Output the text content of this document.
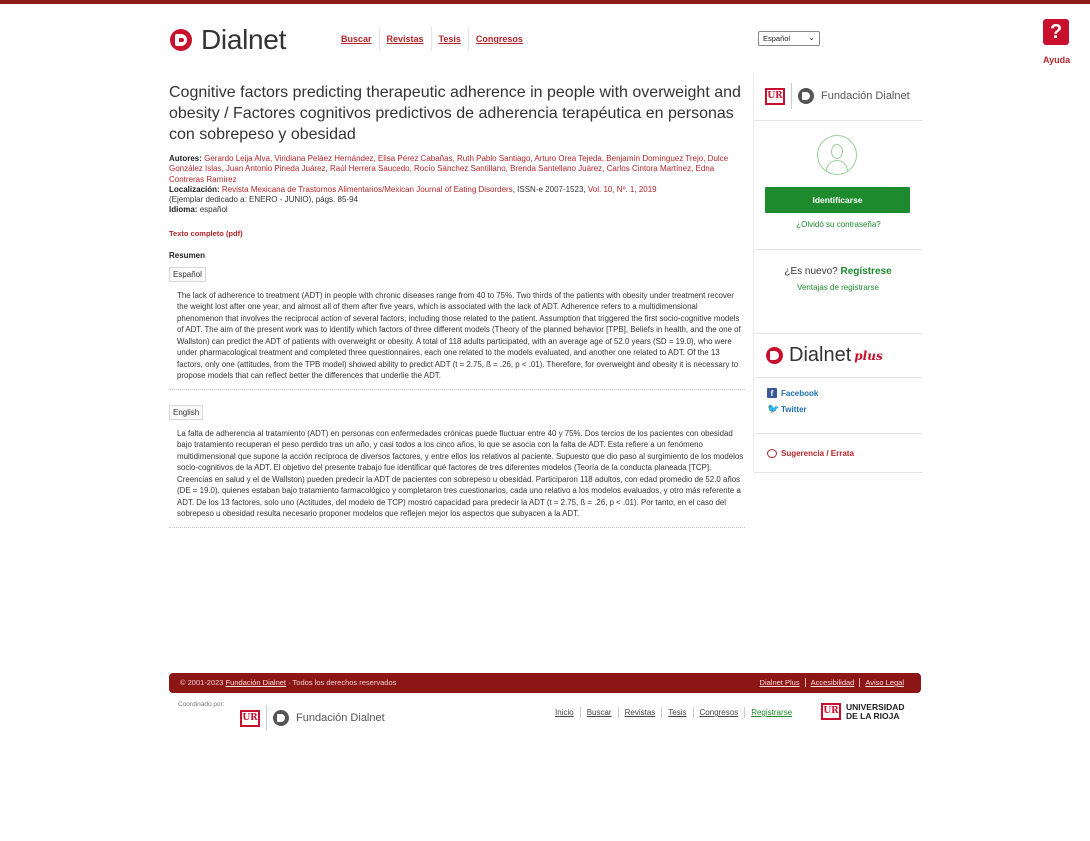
Dialnet	Buscar	Revistas	Tesis	Congresos	Español ⌄	?
Ayuda
Cognitive factors predicting therapeutic adherence in people with overweight and obesity / Factores cognitivos predictivos de adherencia terapéutica en personas con sobrepeso y obesidad
Autores: Gerardo Leija Alva, Viridiana Peláez Hernández, Elisa Pérez Cabañas, Ruth Pablo Santiago, Arturo Orea Tejeda, Benjamín Domínguez Trejo, Dulce González Islas, Juan Antonio Pineda Juárez, Raúl Herrera Saucedo, Rocío Sánchez Santillano, Brenda Santellano Juárez, Carlos Cintora Martínez, Edna Contreras Ramírez
Localización: Revista Mexicana de Trastornos Alimentarios/Mexican Journal of Eating Disorders, ISSN-e 2007-1523, Vol. 10, Nº. 1, 2019
(Ejemplar dedicado a: ENERO - JUNIO), págs. 85-94
Idioma: español
Texto completo (pdf)
Resumen
Español

The lack of adherence to treatment (ADT) in people with chronic diseases range from 40 to 75%. Two thirds of the patients with obesity under treatment recover the weight lost after one year, and almost all of them after five years, which is associated with the lack of ADT. Adherence refers to a multidimensional phenomenon that involves the reciprocal action of several factors, including those related to the patient. Assumption that triggered the first socio-cognitive models of ADT. The aim of the present work was to identify which factors of three different models (Theory of the planned behavior [TPB], Beliefs in health, and the one of Wallston) can predict the ADT of patients with overweight or obesity. A total of 118 adults participated, with an average age of 52.0 years (SD = 19.0), who were under pharmacological treatment and completed three questionnaires, each one related to the models evaluated, and another one related to ADT. Of the 13 factors, only one (attitudes, from the TPB model) showed ability to predict ADT (t = 2.75, ß = .26, p < .01). Therefore, for overweight and obesity it is necessary to propose models that can reflect better the differences that underlie the ADT.

English

La falta de adherencia al tratamiento (ADT) en personas con enfermedades crónicas puede fluctuar entre 40 y 75%. Dos tercios de los pacientes con obesidad bajo tratamiento recuperan el peso perdido tras un año, y casi todos a los cinco años, lo que se asocia con la falta de ADT. Esta refiere a un fenómeno multidimensional que supone la acción recíproca de diversos factores, y entre ellos los relativos al paciente. Supuesto que dio paso al surgimiento de los modelos socio-cognitivos de la ADT. El objetivo del presente trabajo fue identificar qué factores de tres diferentes modelos (Teoría de la conducta planeada [TCP], Creencias en salud y el de Wallston) pueden predecir la ADT de pacientes con sobrepeso u obesidad. Participaron 118 adultos, con edad promedio de 52.0 años (DE = 19.0), quienes estaban bajo tratamiento farmacológico y completaron tres cuestionarios, cada uno relativo a los modelos evaluados, y otro más referente a ADT. De los 13 factores, solo uno (Actitudes, del modelo de TCP) mostró capacidad para predecir la ADT (t = 2.75, ß = .26, p < .01). Por tanto, en el caso del sobrepeso u obesidad resulta necesario proponer modelos que reflejen mejor los aspectos que subyacen a la ADT.

UR	Fundación Dialnet
¿Es nuevo? Regístrese
Ventajas de registrarse
Dialnet plus
f Facebook
🐦 Twitter
Sugerencia / Errata
Identificarse
¿Olvidó su contraseña?
© 2001-2023 Fundación Dialnet · Todos los derechos reservados	Dialnet Plus Accesibilidad Aviso Legal
Coordinado por:
UR	Fundación Dialnet	Inicio	Buscar	Revistas	Tesis	Congresos	Registrarse	UR UNIVERSIDAD
DE LA RIOJA
